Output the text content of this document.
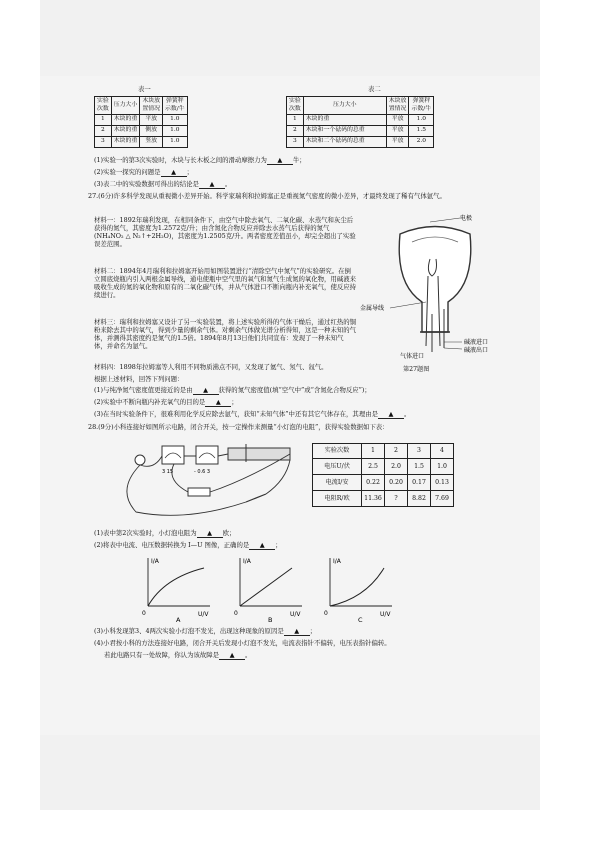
表一
实验
次数	压力大小	木块放
置情况	弹簧秤
示数/牛
1	木块的重	平放	1.0
2	木块的重	侧放	1.0
3	木块的重	竖放	1.0
表二
实验
次数	压力大小	木块放
置情况	弹簧秤
示数/牛
1	木块的重	平放	1.0
2	木块和一个砝码的总重	平放	1.5
3	木块和二个砝码的总重	平放	2.0
(1)实验一的第3次实验时，木块与长木板之间的滑动摩擦力为 ▲ 牛；
(2)实验一探究的问题是 ▲ ；
(3)表二中的实验数据可得出的结论是 ▲ 。
27.(6分)许多科学发现从重视微小差异开始。科学家瑞利和拉姆塞正是重视氮气密度的微小差异，才最终发现了稀有气体氩气。
材料一：1892年瑞利发现，在相同条件下，由空气中除去氧气、二氧化碳、水蒸气和灰尘后获得的氮气，其密度为1.2572克/升；由含氮化合物反应并除去水蒸气后获得的氮气(NH₄NO₂ △ N₂↑+2H₂O)，其密度为1.2505克/升。两者密度差值虽小，却完全超出了实验误差范围。
材料二：1894年4月瑞利和拉姆塞开始用如图装置进行“清除空气中氮气”的实验研究。在倒立圆底烧瓶内引入两根金属导线，通电使瓶中空气里的氧气和氮气生成氮的氧化物，用碱液来吸收生成的氮的氧化物和原有的二氧化碳气体，并从气体进口不断向瓶内补充氧气，使反应持续进行。
材料三：瑞利和拉姆塞又设计了另一实验装置，将上述实验所得的气体干燥后，通过红热的铜粉来除去其中的氧气，得到少量的剩余气体。对剩余气体做光谱分析得知，这是一种未知的气体，并测得其密度约是氮气的1.5倍。1894年8月13日他们共同宣布：发现了一种未知气体，并命名为氩气。
材料四：1898年拉姆塞等人利用不同物质沸点不同，又发现了氦气、氖气、氙气。
根据上述材料，回答下列问题：
(1)与纯净氮气密度值更接近的是由 ▲ 获得的氮气密度值(填“空气中”或“含氮化合物反应”)；
(2)实验中不断向瓶内补充氧气的目的是 ▲ ；
(3)在当时实验条件下，很难利用化学反应除去氩气，获知“未知气体”中还有其它气体存在，其理由是 ▲ 。
电极
金属导线
碱液进口
碱液出口
气体进口
第27题图
28.(9分)小科连接好如图所示电路，闭合开关，按一定操作来测量“小灯泡的电阻”，获得实验数据如下表：
3 15	- 0.6 3
实验次数	1	2	3	4
电压U/伏	2.5	2.0	1.5	1.0
电流I/安	0.22	0.20	0.17	0.13
电阻R/欧	11.36	?	8.82	7.69
(1)表中第2次实验时，小灯泡电阻为 ▲ 欧；
(2)将表中电流、电压数据转换为 I—U 图像，正确的是 ▲ ；
I/A
U/V
0
A
I/A
U/V
0
B
I/A
U/V
0
C
(3)小科发现第3、4两次实验小灯泡不发光，出现这种现象的原因是 ▲ ；
(4)小君按小科的方法连接好电路，闭合开关后发现小灯泡不发光，电流表指针不偏转，电压表指针偏转。
若此电路只有一处故障，你认为该故障是 ▲ 。
